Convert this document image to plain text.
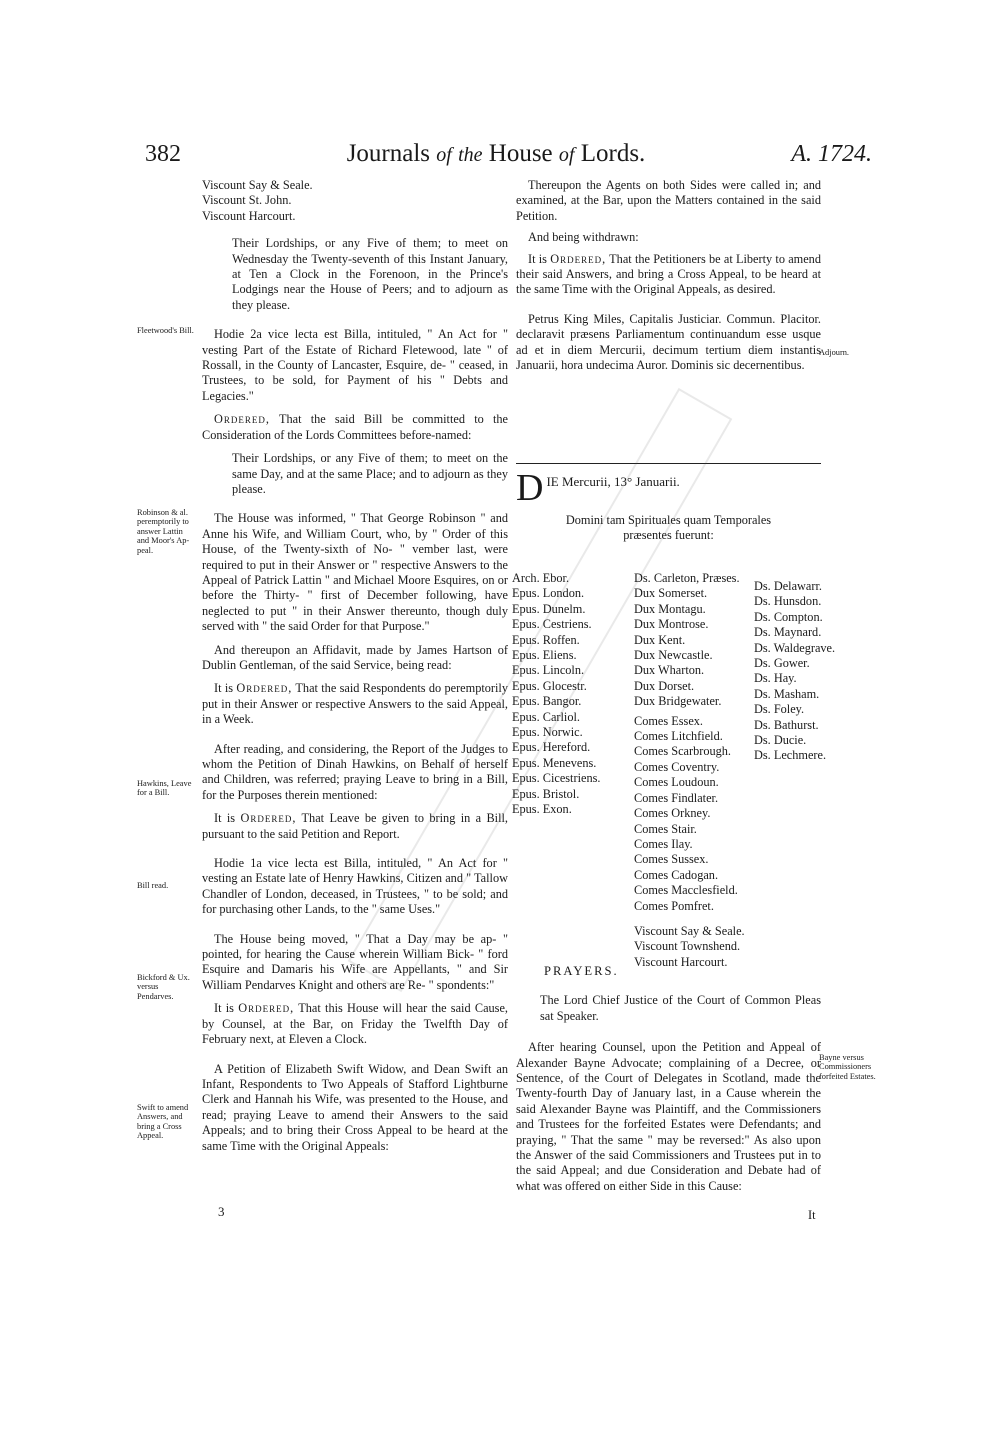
382	Journals of the House of Lords.	A. 1724.
Viscount Say & Seale.
Viscount St. John.
Viscount Harcourt.

Their Lordships, or any Five of them; to meet on Wednesday the Twenty-seventh of this Instant January, at Ten a Clock in the Forenoon, in the Prince's Lodgings near the House of Peers; and to adjourn as they please.

Hodie 2a vice lecta est Billa, intituled, " An Act for " vesting Part of the Estate of Richard Fletewood, late " of Rossall, in the County of Lancaster, Esquire, de- " ceased, in Trustees, to be sold, for Payment of his " Debts and Legacies."

Ordered, That the said Bill be committed to the Consideration of the Lords Committees before-named:

Their Lordships, or any Five of them; to meet on the same Day, and at the same Place; and to adjourn as they please.

The House was informed, " That George Robinson " and Anne his Wife, and William Court, who, by " Order of this House, of the Twenty-sixth of No- " vember last, were required to put in their Answer or " respective Answers to the Appeal of Patrick Lattin " and Michael Moore Esquires, on or before the Thirty- " first of December following, have neglected to put " in their Answer thereunto, though duly served with " the said Order for that Purpose."

And thereupon an Affidavit, made by James Hartson of Dublin Gentleman, of the said Service, being read:

It is Ordered, That the said Respondents do peremptorily put in their Answer or respective Answers to the said Appeal, in a Week.

After reading, and considering, the Report of the Judges to whom the Petition of Dinah Hawkins, on Behalf of herself and Children, was referred; praying Leave to bring in a Bill, for the Purposes therein mentioned:

It is Ordered, That Leave be given to bring in a Bill, pursuant to the said Petition and Report.

Hodie 1a vice lecta est Billa, intituled, " An Act for " vesting an Estate late of Henry Hawkins, Citizen and " Tallow Chandler of London, deceased, in Trustees, " to be sold; and for purchasing other Lands, to the " same Uses."

The House being moved, " That a Day may be ap- " pointed, for hearing the Cause wherein William Bick- " ford Esquire and Damaris his Wife are Appellants, " and Sir William Pendarves Knight and others are Re- " spondents:"

It is Ordered, That this House will hear the said Cause, by Counsel, at the Bar, on Friday the Twelfth Day of February next, at Eleven a Clock.

A Petition of Elizabeth Swift Widow, and Dean Swift an Infant, Respondents to Two Appeals of Stafford Lightburne Clerk and Hannah his Wife, was presented to the House, and read; praying Leave to amend their Answers to the said Appeals; and to bring their Cross Appeal to be heard at the same Time with the Original Appeals:

Fleetwood's Bill.
Robinson & al. peremptorily to answer Lattin and Moor's Ap- peal.
Hawkins, Leave for a Bill.
Bill read.
Bickford & Ux. versus Pendarves.
Swift to amend Answers, and bring a Cross Appeal.

Thereupon the Agents on both Sides were called in; and examined, at the Bar, upon the Matters contained in the said Petition.

And being withdrawn:

It is Ordered, That the Petitioners be at Liberty to amend their said Answers, and bring a Cross Appeal, to be heard at the same Time with the Original Appeals, as desired.

Petrus King Miles, Capitalis Justiciar. Commun. Placitor. declaravit præsens Parliamentum continuandum esse usque ad et in diem Mercurii, decimum tertium diem instantis Januarii, hora undecima Auror. Dominis sic decernentibus.

Adjourn.
D IE Mercurii, 13° Januarii.

Domini tam Spirituales quam Temporales præsentes fuerunt:

Arch. Ebor.
Epus. London.
Epus. Dunelm.
Epus. Cestriens.
Epus. Roffen.
Epus. Eliens.
Epus. Lincoln.
Epus. Glocestr.
Epus. Bangor.
Epus. Carliol.
Epus. Norwic.
Epus. Hereford.
Epus. Menevens.
Epus. Cicestriens.
Epus. Bristol.
Epus. Exon.
Ds. Carleton, Præses.
Dux Somerset.
Dux Montagu.
Dux Montrose.
Dux Kent.
Dux Newcastle.
Dux Wharton.
Dux Dorset.
Dux Bridgewater.
Comes Essex.
Comes Litchfield.
Comes Scarbrough.
Comes Coventry.
Comes Loudoun.
Comes Findlater.
Comes Orkney.
Comes Stair.
Comes Ilay.
Comes Sussex.
Comes Cadogan.
Comes Macclesfield.
Comes Pomfret.
Viscount Say & Seale.
Viscount Townshend.
Viscount Harcourt.
Ds. Delawarr.
Ds. Hunsdon.
Ds. Compton.
Ds. Maynard.
Ds. Waldegrave.
Ds. Gower.
Ds. Hay.
Ds. Masham.
Ds. Foley.
Ds. Bathurst.
Ds. Ducie.
Ds. Lechmere.
PRAYERS.

The Lord Chief Justice of the Court of Common Pleas sat Speaker.

After hearing Counsel, upon the Petition and Appeal of Alexander Bayne Advocate; complaining of a Decree, or Sentence, of the Court of Delegates in Scotland, made the Twenty-fourth Day of January last, in a Cause wherein the said Alexander Bayne was Plaintiff, and the Commissioners and Trustees for the forfeited Estates were Defendants; and praying, " That the same " may be reversed:" As also upon the Answer of the said Commissioners and Trustees put in to the said Appeal; and due Consideration and Debate had of what was offered on either Side in this Cause:

Bayne versus Commissioners forfeited Estates.
3	It
